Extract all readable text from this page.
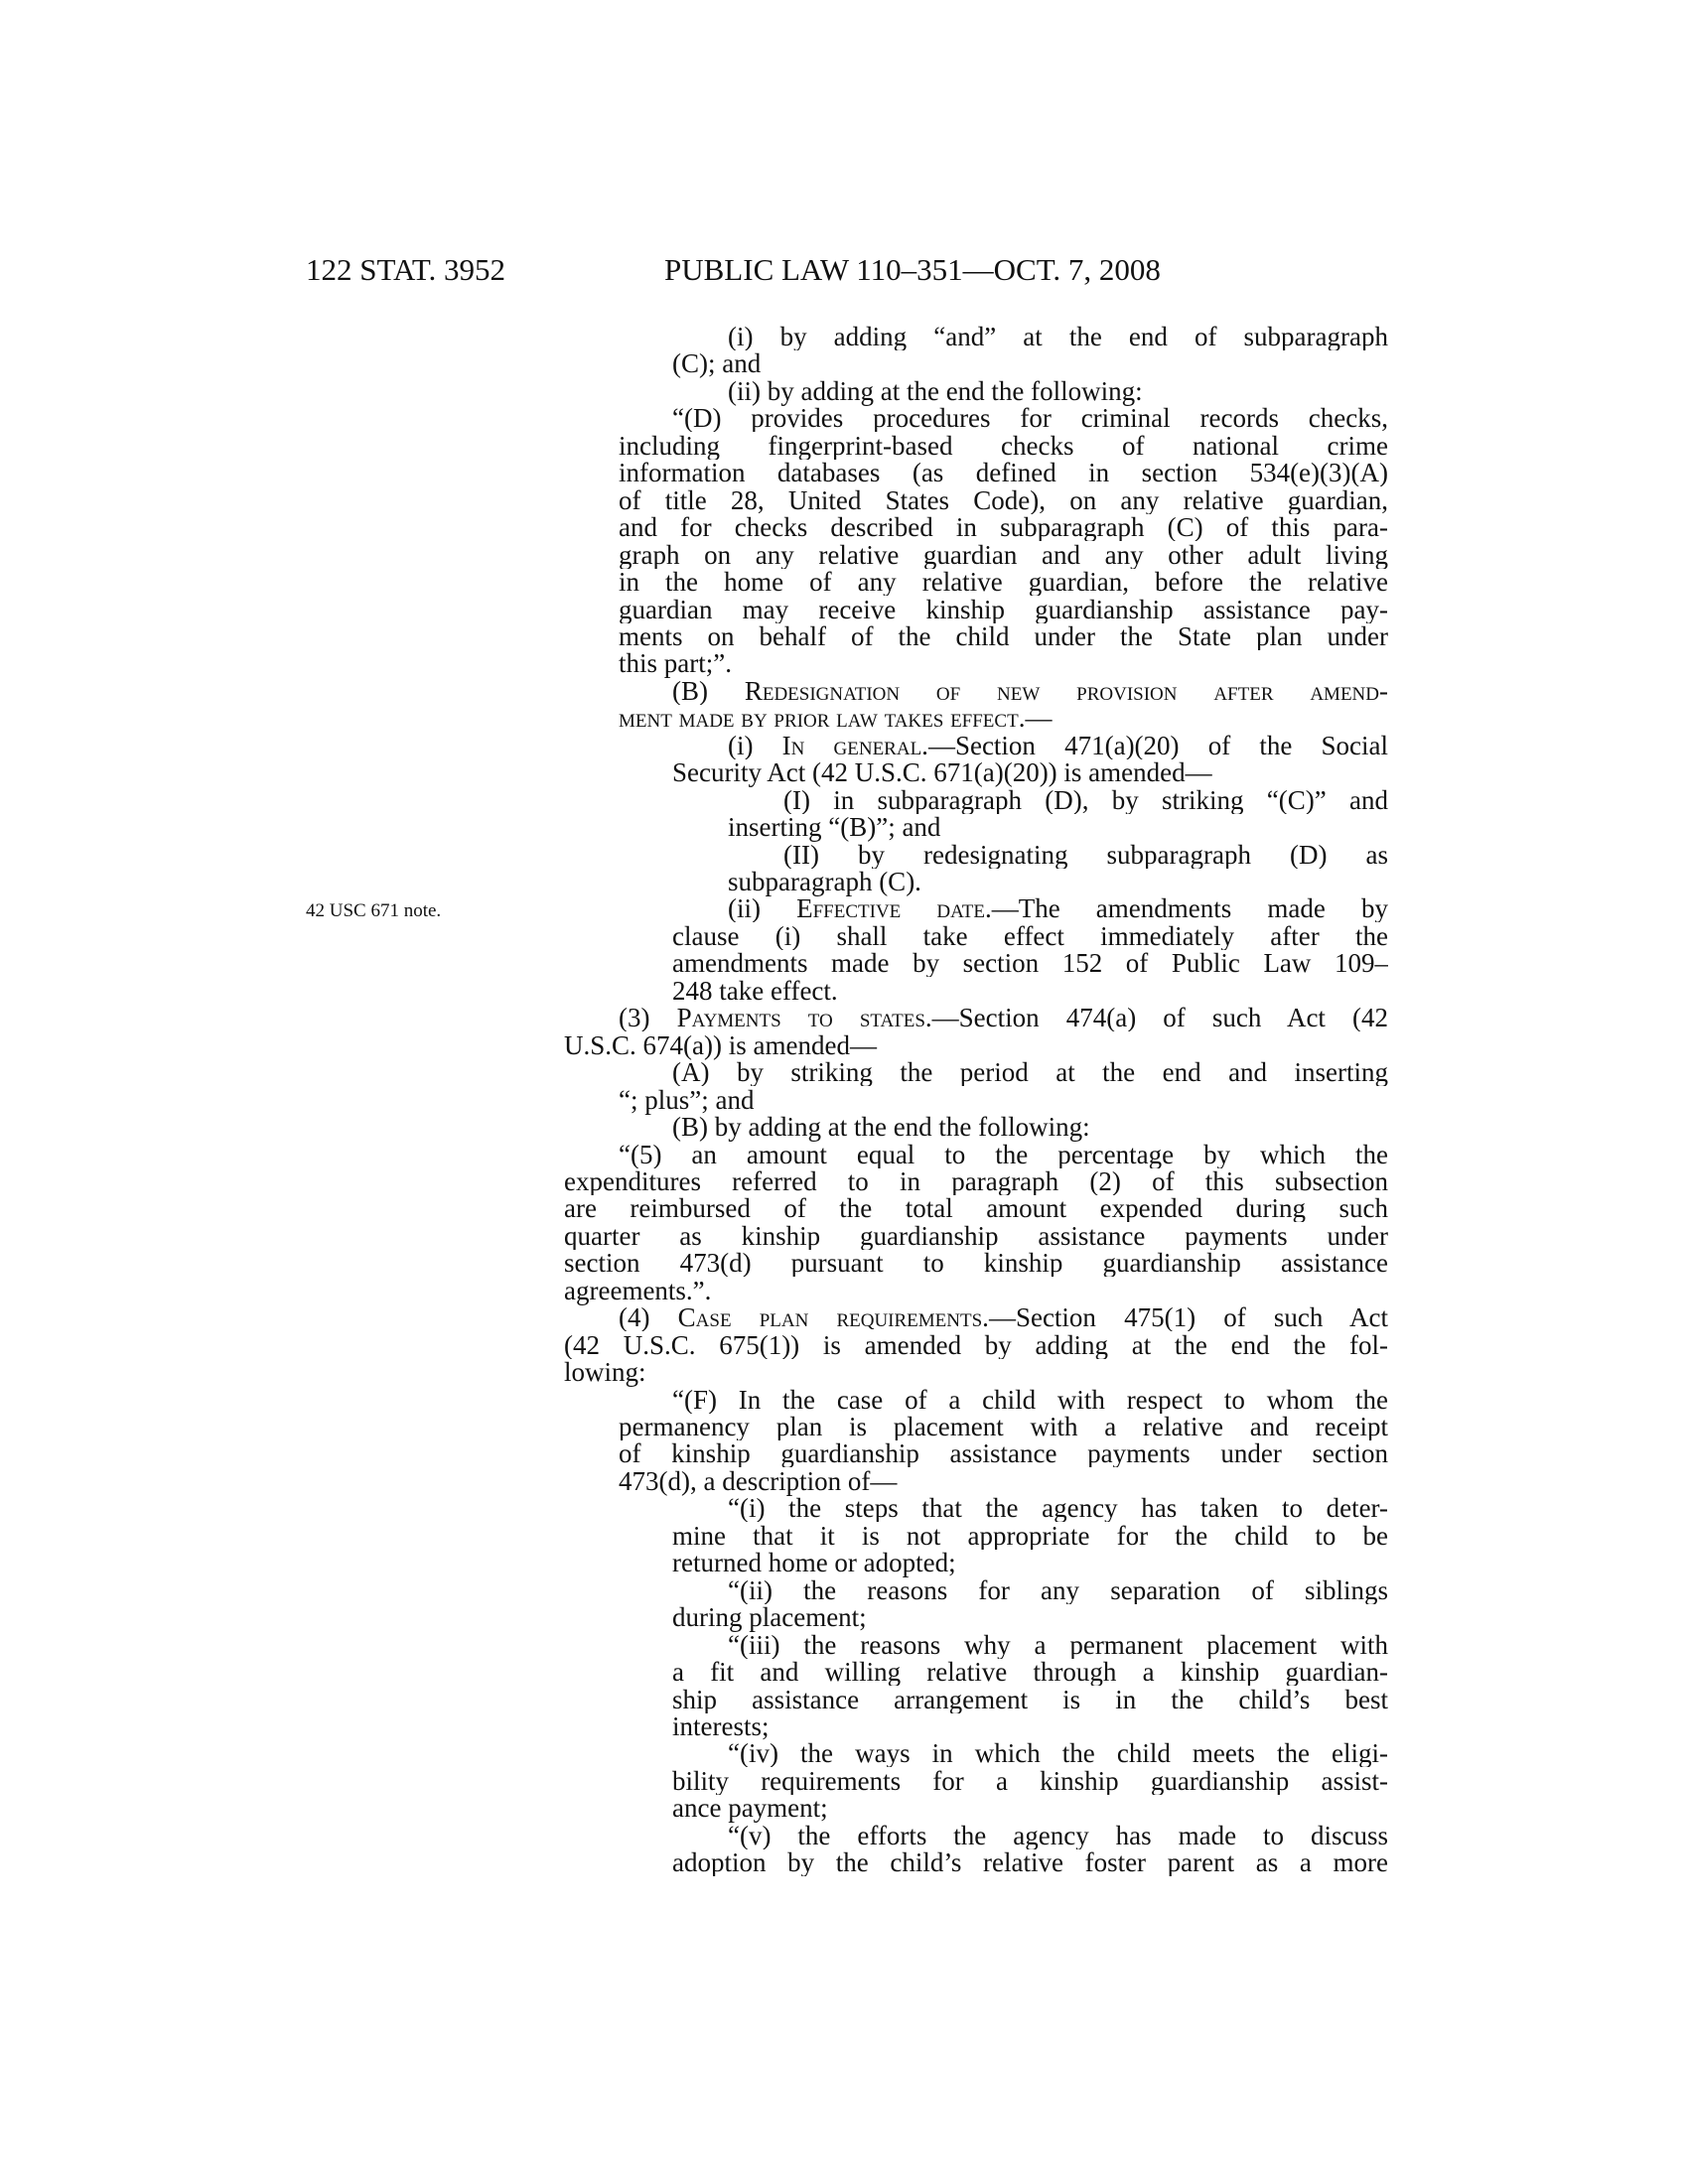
122 STAT. 3952	PUBLIC LAW 110–351—OCT. 7, 2008
42 USC 671 note.
(i) by adding “and” at the end of subparagraph
(C); and
(ii) by adding at the end the following:
“(D) provides procedures for criminal records checks,
including fingerprint-based checks of national crime
information databases (as defined in section 534(e)(3)(A)
of title 28, United States Code), on any relative guardian,
and for checks described in subparagraph (C) of this para-
graph on any relative guardian and any other adult living
in the home of any relative guardian, before the relative
guardian may receive kinship guardianship assistance pay-
ments on behalf of the child under the State plan under
this part;”.
(B) Redesignation of new provision after amend-
ment made by prior law takes effect.—
(i) In general.—Section 471(a)(20) of the Social
Security Act (42 U.S.C. 671(a)(20)) is amended—
(I) in subparagraph (D), by striking “(C)” and
inserting “(B)”; and
(II) by redesignating subparagraph (D) as
subparagraph (C).
(ii) Effective date.—The amendments made by
clause (i) shall take effect immediately after the
amendments made by section 152 of Public Law 109–
248 take effect.
(3) Payments to states.—Section 474(a) of such Act (42
U.S.C. 674(a)) is amended—
(A) by striking the period at the end and inserting
“; plus”; and
(B) by adding at the end the following:
“(5) an amount equal to the percentage by which the
expenditures referred to in paragraph (2) of this subsection
are reimbursed of the total amount expended during such
quarter as kinship guardianship assistance payments under
section 473(d) pursuant to kinship guardianship assistance
agreements.”.
(4) Case plan requirements.—Section 475(1) of such Act
(42 U.S.C. 675(1)) is amended by adding at the end the fol-
lowing:
“(F) In the case of a child with respect to whom the
permanency plan is placement with a relative and receipt
of kinship guardianship assistance payments under section
473(d), a description of—
“(i) the steps that the agency has taken to deter-
mine that it is not appropriate for the child to be
returned home or adopted;
“(ii) the reasons for any separation of siblings
during placement;
“(iii) the reasons why a permanent placement with
a fit and willing relative through a kinship guardian-
ship assistance arrangement is in the child’s best
interests;
“(iv) the ways in which the child meets the eligi-
bility requirements for a kinship guardianship assist-
ance payment;
“(v) the efforts the agency has made to discuss
adoption by the child’s relative foster parent as a more
